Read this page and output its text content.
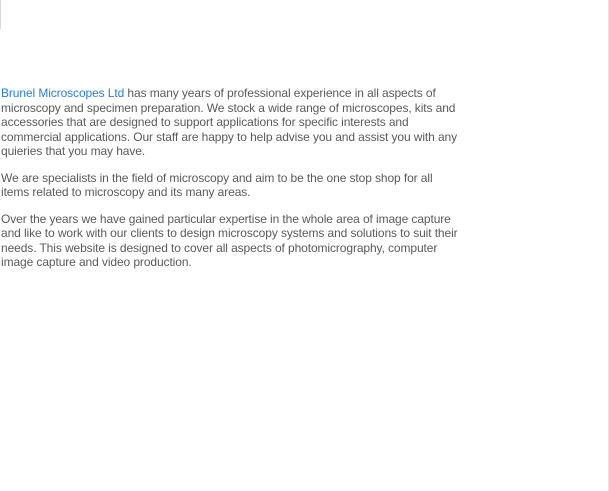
Brunel Microscopes Ltd has many years of professional experience in all aspects of microscopy and specimen preparation. We stock a wide range of microscopes, kits and accessories that are designed to support applications for specific interests and commercial applications. Our staff are happy to help advise you and assist you with any quieries that you may have.

We are specialists in the field of microscopy and aim to be the one stop shop for all items related to microscopy and its many areas.

Over the years we have gained particular expertise in the whole area of image capture and like to work with our clients to design microscopy systems and solutions to suit their needs. This website is designed to cover all aspects of photomicrography, computer image capture and video production.
